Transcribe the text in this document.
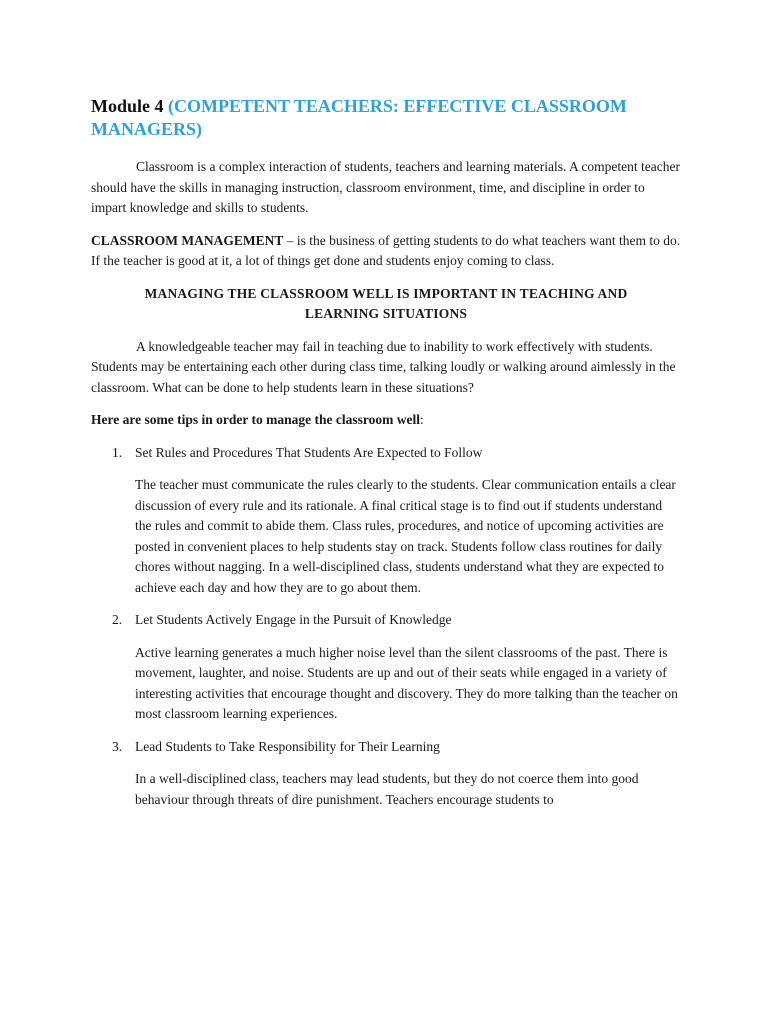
Module 4 (COMPETENT TEACHERS: EFFECTIVE CLASSROOM MANAGERS)

Classroom is a complex interaction of students, teachers and learning materials. A competent teacher should have the skills in managing instruction, classroom environment, time, and discipline in order to impart knowledge and skills to students.

CLASSROOM MANAGEMENT – is the business of getting students to do what teachers want them to do. If the teacher is good at it, a lot of things get done and students enjoy coming to class.

MANAGING THE CLASSROOM WELL IS IMPORTANT IN TEACHING AND LEARNING SITUATIONS

A knowledgeable teacher may fail in teaching due to inability to work effectively with students. Students may be entertaining each other during class time, talking loudly or walking around aimlessly in the classroom. What can be done to help students learn in these situations?

Here are some tips in order to manage the classroom well:

1. Set Rules and Procedures That Students Are Expected to Follow

The teacher must communicate the rules clearly to the students. Clear communication entails a clear discussion of every rule and its rationale. A final critical stage is to find out if students understand the rules and commit to abide them. Class rules, procedures, and notice of upcoming activities are posted in convenient places to help students stay on track. Students follow class routines for daily chores without nagging. In a well-disciplined class, students understand what they are expected to achieve each day and how they are to go about them.

2. Let Students Actively Engage in the Pursuit of Knowledge

Active learning generates a much higher noise level than the silent classrooms of the past. There is movement, laughter, and noise. Students are up and out of their seats while engaged in a variety of interesting activities that encourage thought and discovery. They do more talking than the teacher on most classroom learning experiences.

3. Lead Students to Take Responsibility for Their Learning

In a well-disciplined class, teachers may lead students, but they do not coerce them into good behaviour through threats of dire punishment. Teachers encourage students to
